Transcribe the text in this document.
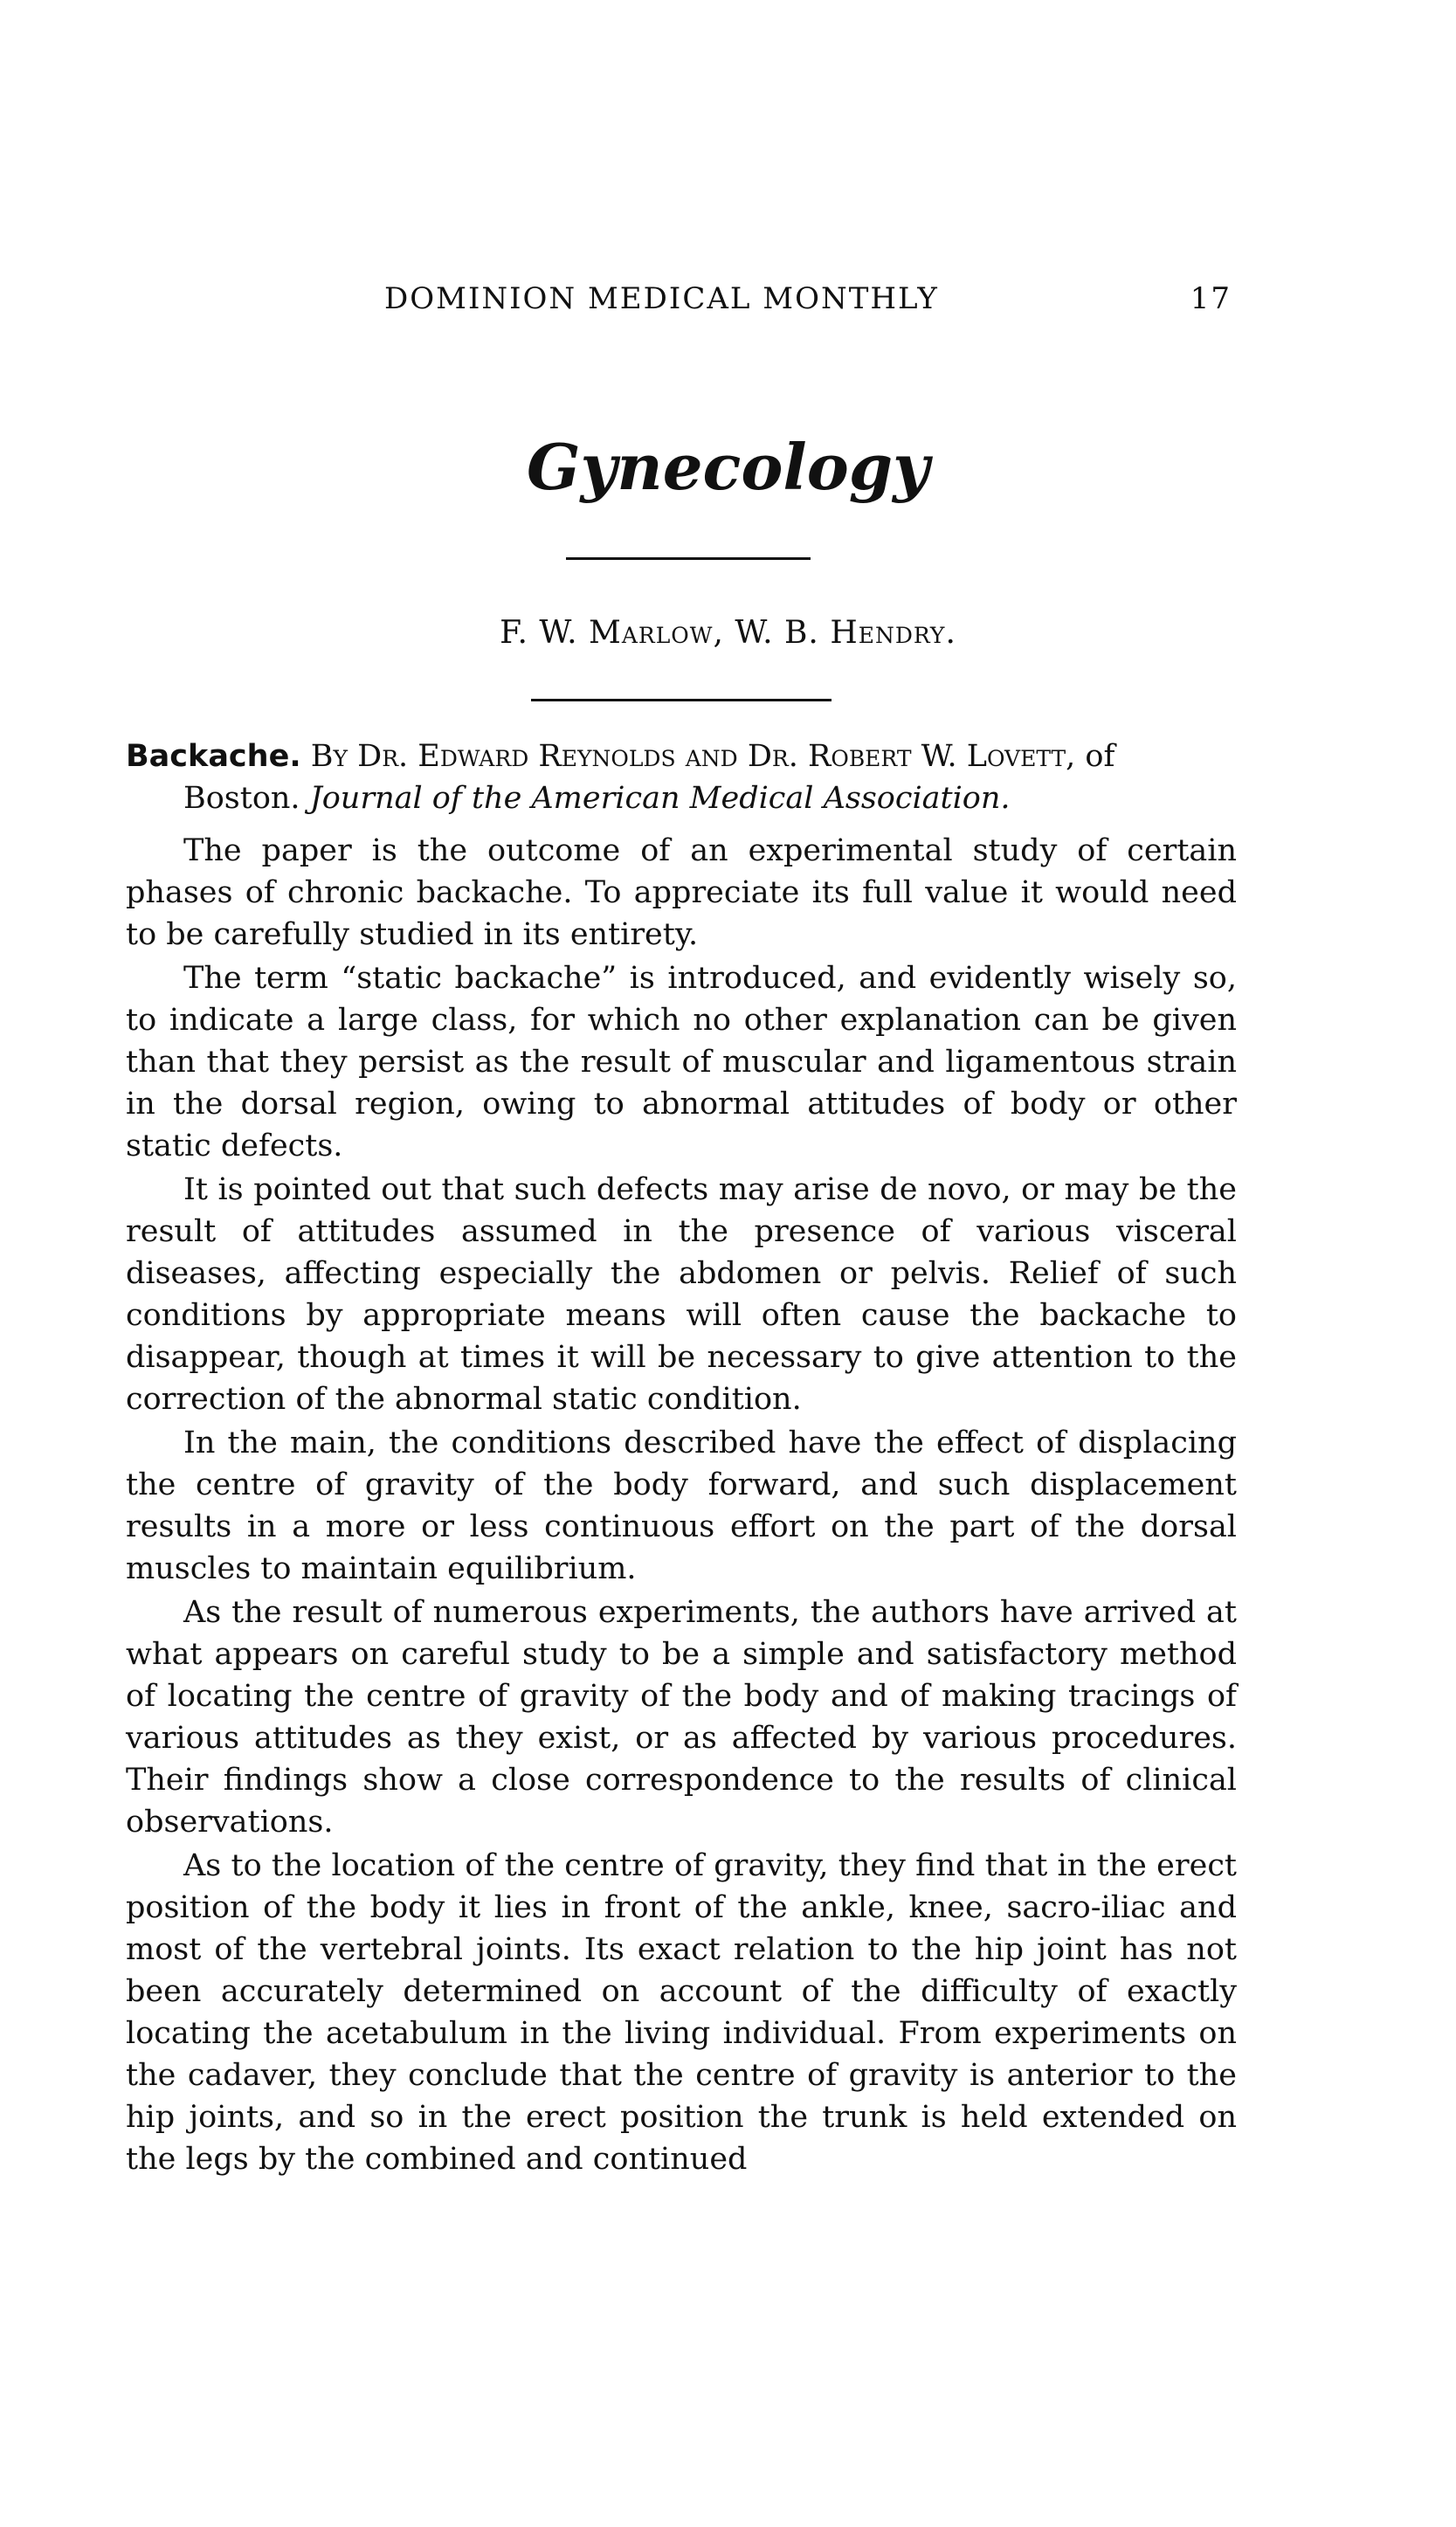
DOMINION MEDICAL MONTHLY	17
Gynecology
F. W. Marlow, W. B. Hendry.

Backache. By Dr. Edward Reynolds and Dr. Robert W. Lovett, of Boston. Journal of the American Medical Association.

The paper is the outcome of an experimental study of certain phases of chronic backache. To appreciate its full value it would need to be carefully studied in its entirety.

The term “static backache” is introduced, and evidently wisely so, to indicate a large class, for which no other explanation can be given than that they persist as the result of muscular and ligamentous strain in the dorsal region, owing to abnormal attitudes of body or other static defects.

It is pointed out that such defects may arise de novo, or may be the result of attitudes assumed in the presence of various visceral diseases, affecting especially the abdomen or pelvis. Relief of such conditions by appropriate means will often cause the backache to disappear, though at times it will be necessary to give attention to the correction of the abnormal static condition.

In the main, the conditions described have the effect of displacing the centre of gravity of the body forward, and such displacement results in a more or less continuous effort on the part of the dorsal muscles to maintain equilibrium.

As the result of numerous experiments, the authors have arrived at what appears on careful study to be a simple and satisfactory method of locating the centre of gravity of the body and of making tracings of various attitudes as they exist, or as affected by various procedures. Their findings show a close correspondence to the results of clinical observations.

As to the location of the centre of gravity, they find that in the erect position of the body it lies in front of the ankle, knee, sacro-iliac and most of the vertebral joints. Its exact relation to the hip joint has not been accurately determined on account of the difficulty of exactly locating the acetabulum in the living individual. From experiments on the cadaver, they conclude that the centre of gravity is anterior to the hip joints, and so in the erect position the trunk is held extended on the legs by the combined and continued
